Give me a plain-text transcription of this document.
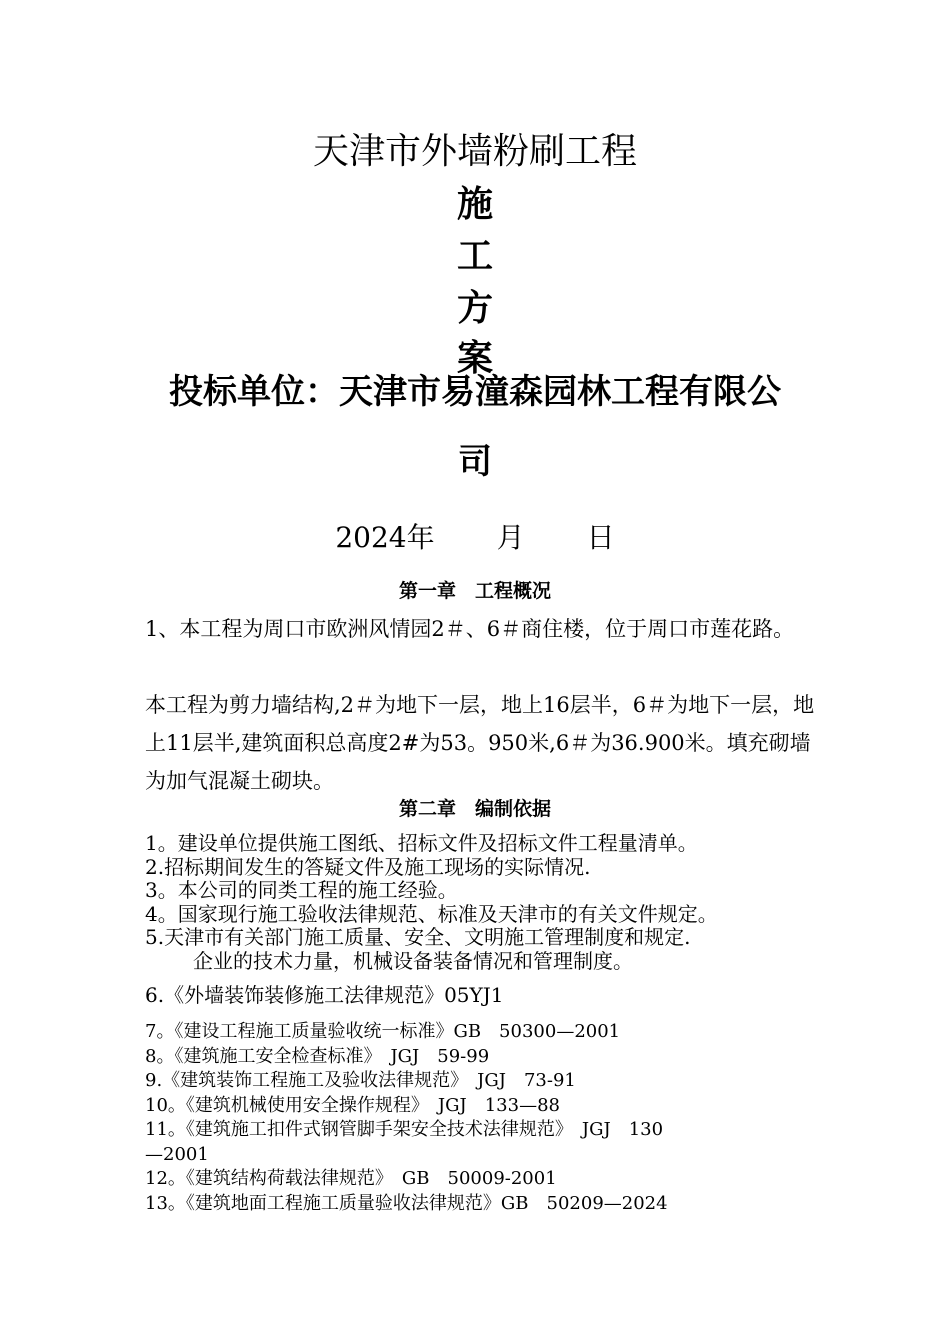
天津市外墙粉刷工程
施
工
方
案
投标单位：天津市易潼森园林工程有限公
司
2024年 月 日
第一章　工程概况
1、本工程为周口市欧洲风情园2＃、6＃商住楼，位于周口市莲花路。
本工程为剪力墙结构,2＃为地下一层，地上16层半，6＃为地下一层，地上11层半,建筑面积总高度2#为53。950米,6＃为36.900米。填充砌墙为加气混凝土砌块。
第二章　编制依据
1。建设单位提供施工图纸、招标文件及招标文件工程量清单。
2.招标期间发生的答疑文件及施工现场的实际情况.
3。本公司的同类工程的施工经验。
4。国家现行施工验收法律规范、标准及天津市的有关文件规定。
5.天津市有关部门施工质量、安全、文明施工管理制度和规定.
企业的技术力量，机械设备装备情况和管理制度。
6.《外墙装饰装修施工法律规范》05YJ1
7。《建设工程施工质量验收统一标准》GB　50300—2001
8。《建筑施工安全检查标准》　JGJ　59-99
9.《建筑装饰工程施工及验收法律规范》　JGJ　73-91
10。《建筑机械使用安全操作规程》　JGJ　133—88
11。《建筑施工扣件式钢管脚手架安全技术法律规范》　JGJ　130
—2001
12。《建筑结构荷载法律规范》　GB　50009-2001
13。《建筑地面工程施工质量验收法律规范》GB　50209—2024
